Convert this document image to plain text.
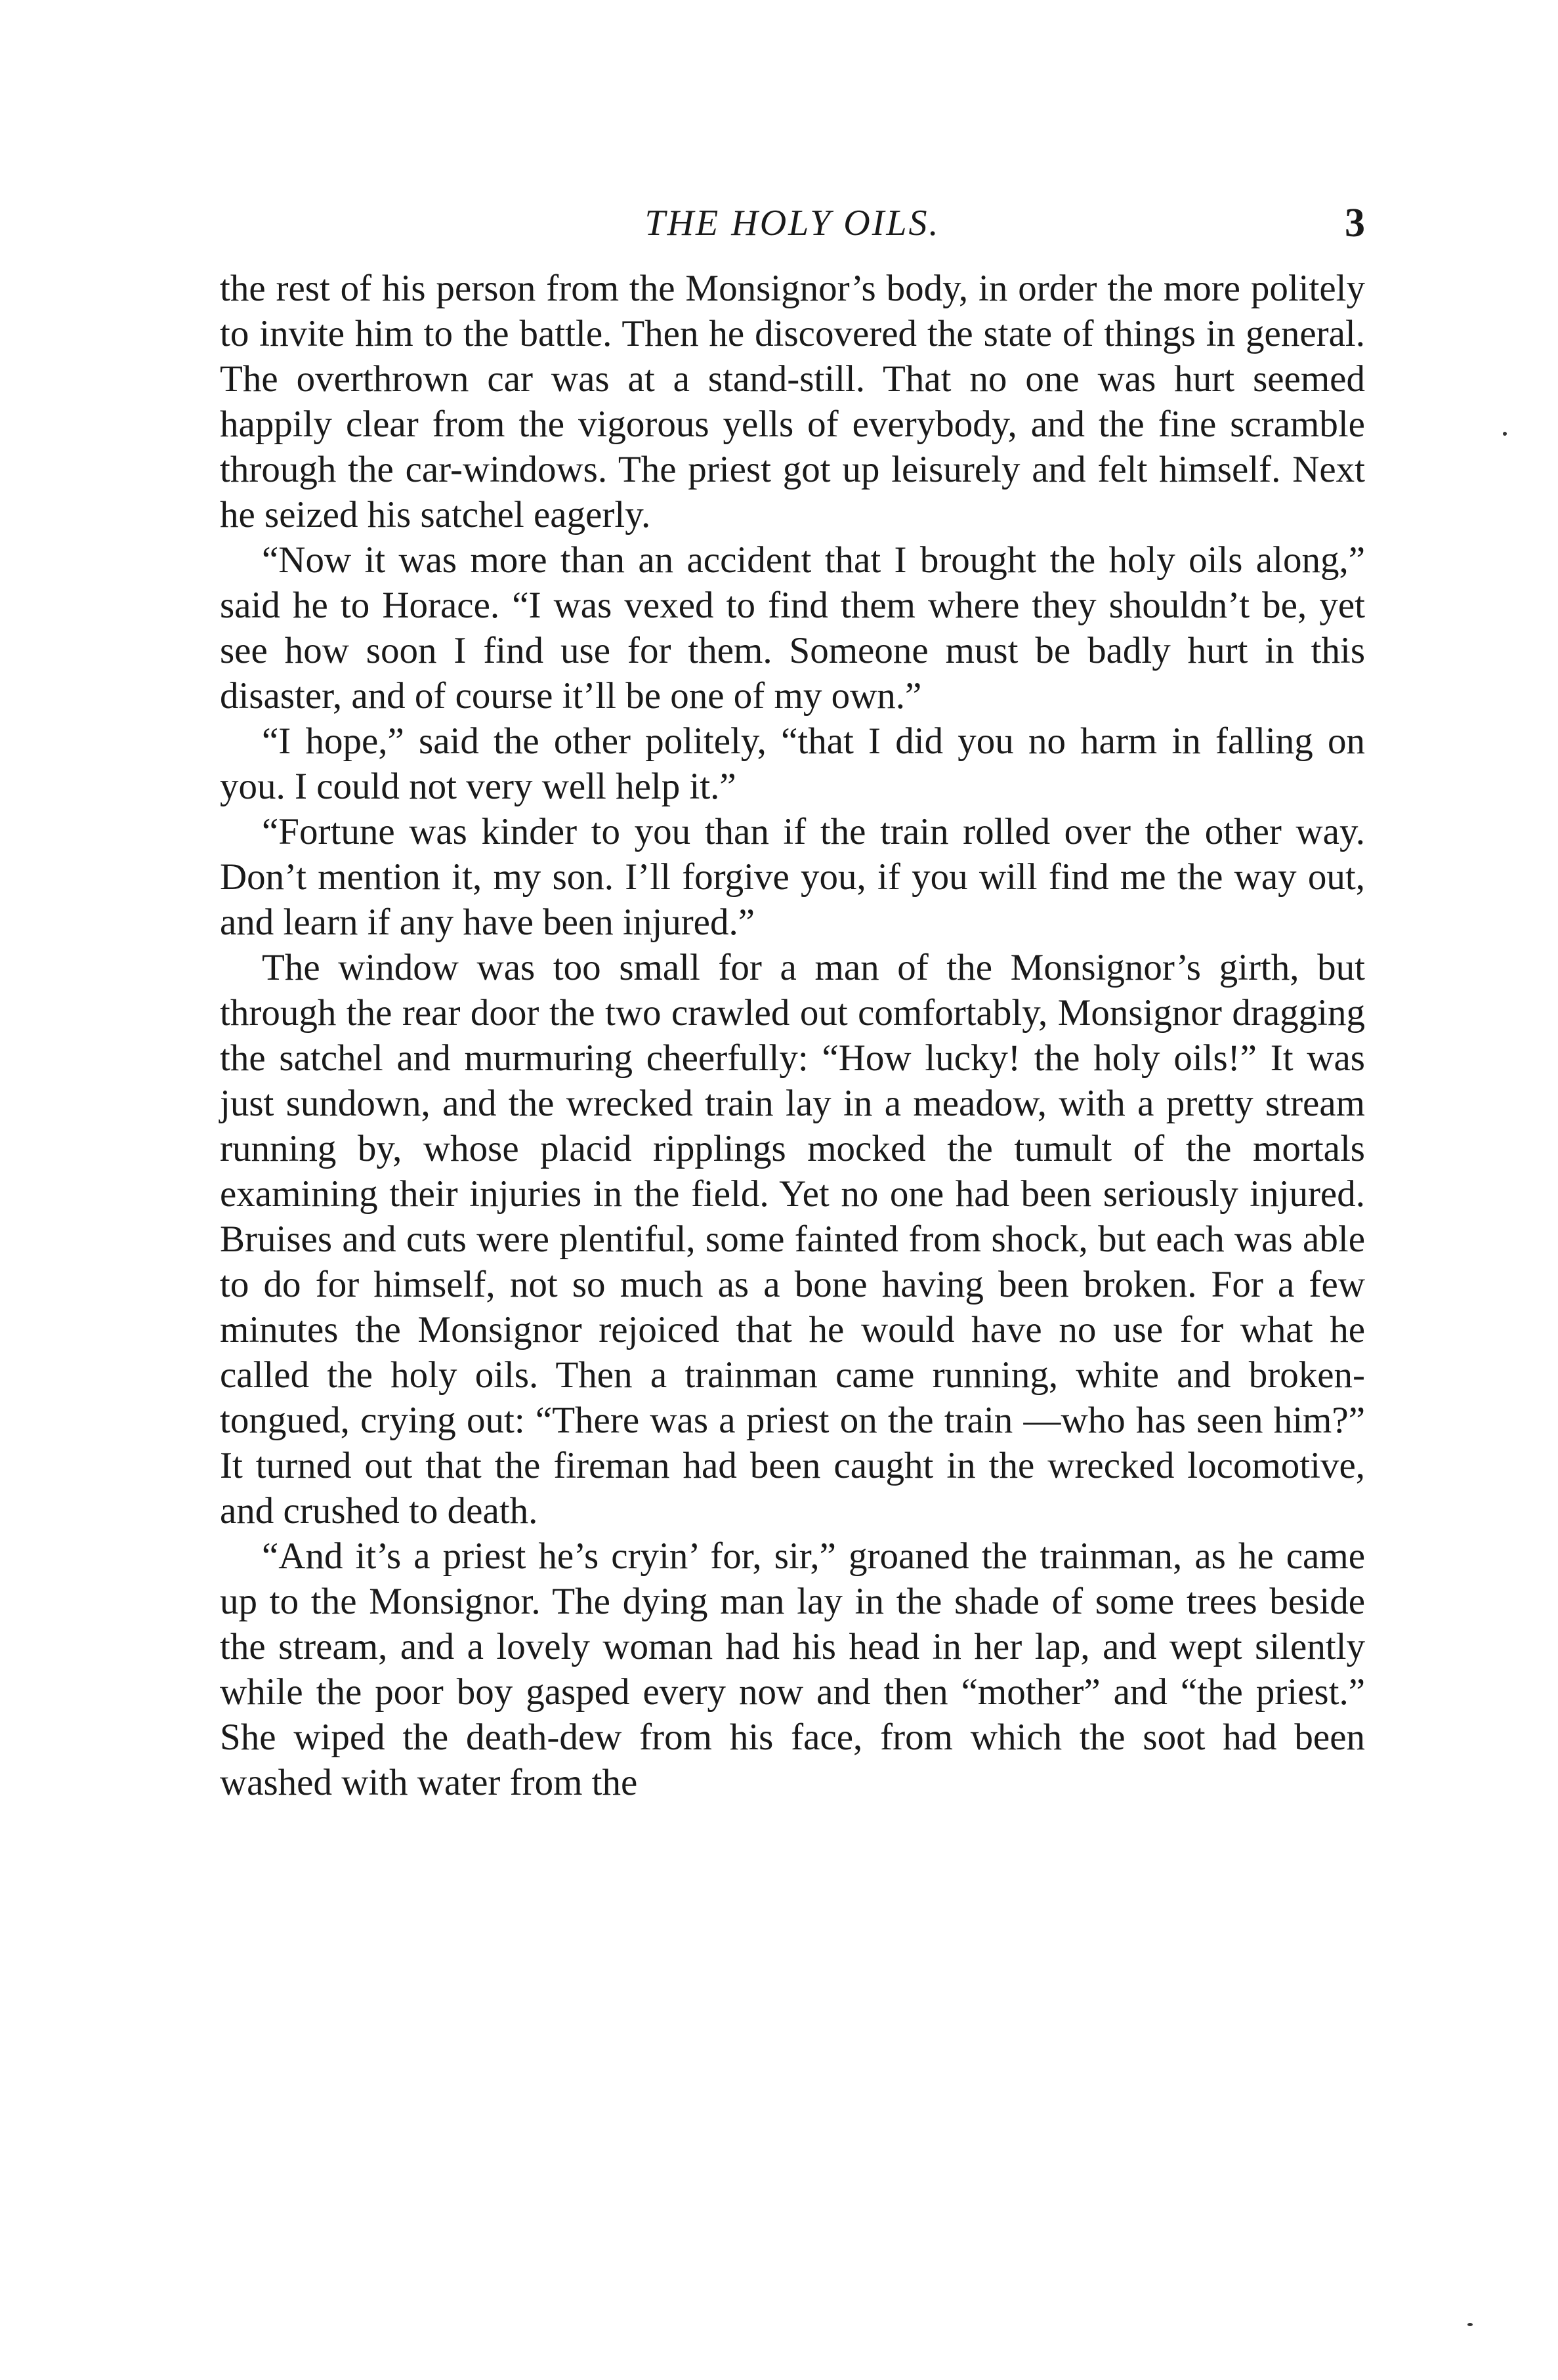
THE HOLY OILS.	3

the rest of his person from the Monsignor’s body, in order the more politely to invite him to the battle. Then he discovered the state of things in general. The overthrown car was at a stand-still. That no one was hurt seemed happily clear from the vigorous yells of everybody, and the fine scramble through the car-windows. The priest got up leisurely and felt himself. Next he seized his satchel eagerly.

“Now it was more than an accident that I brought the holy oils along,” said he to Horace. “I was vexed to find them where they shouldn’t be, yet see how soon I find use for them. Someone must be badly hurt in this disaster, and of course it’ll be one of my own.”

“I hope,” said the other politely, “that I did you no harm in falling on you. I could not very well help it.”

“Fortune was kinder to you than if the train rolled over the other way. Don’t mention it, my son. I’ll forgive you, if you will find me the way out, and learn if any have been injured.”

The window was too small for a man of the Monsignor’s girth, but through the rear door the two crawled out comfortably, Monsignor dragging the satchel and murmuring cheerfully: “How lucky! the holy oils!” It was just sundown, and the wrecked train lay in a meadow, with a pretty stream running by, whose placid ripplings mocked the tumult of the mortals examining their injuries in the field. Yet no one had been seriously injured. Bruises and cuts were plentiful, some fainted from shock, but each was able to do for himself, not so much as a bone having been broken. For a few minutes the Monsignor rejoiced that he would have no use for what he called the holy oils. Then a trainman came running, white and broken-tongued, crying out: “There was a priest on the train —who has seen him?” It turned out that the fireman had been caught in the wrecked locomotive, and crushed to death.

“And it’s a priest he’s cryin’ for, sir,” groaned the trainman, as he came up to the Monsignor. The dying man lay in the shade of some trees beside the stream, and a lovely woman had his head in her lap, and wept silently while the poor boy gasped every now and then “mother” and “the priest.” She wiped the death-dew from his face, from which the soot had been washed with water from the
